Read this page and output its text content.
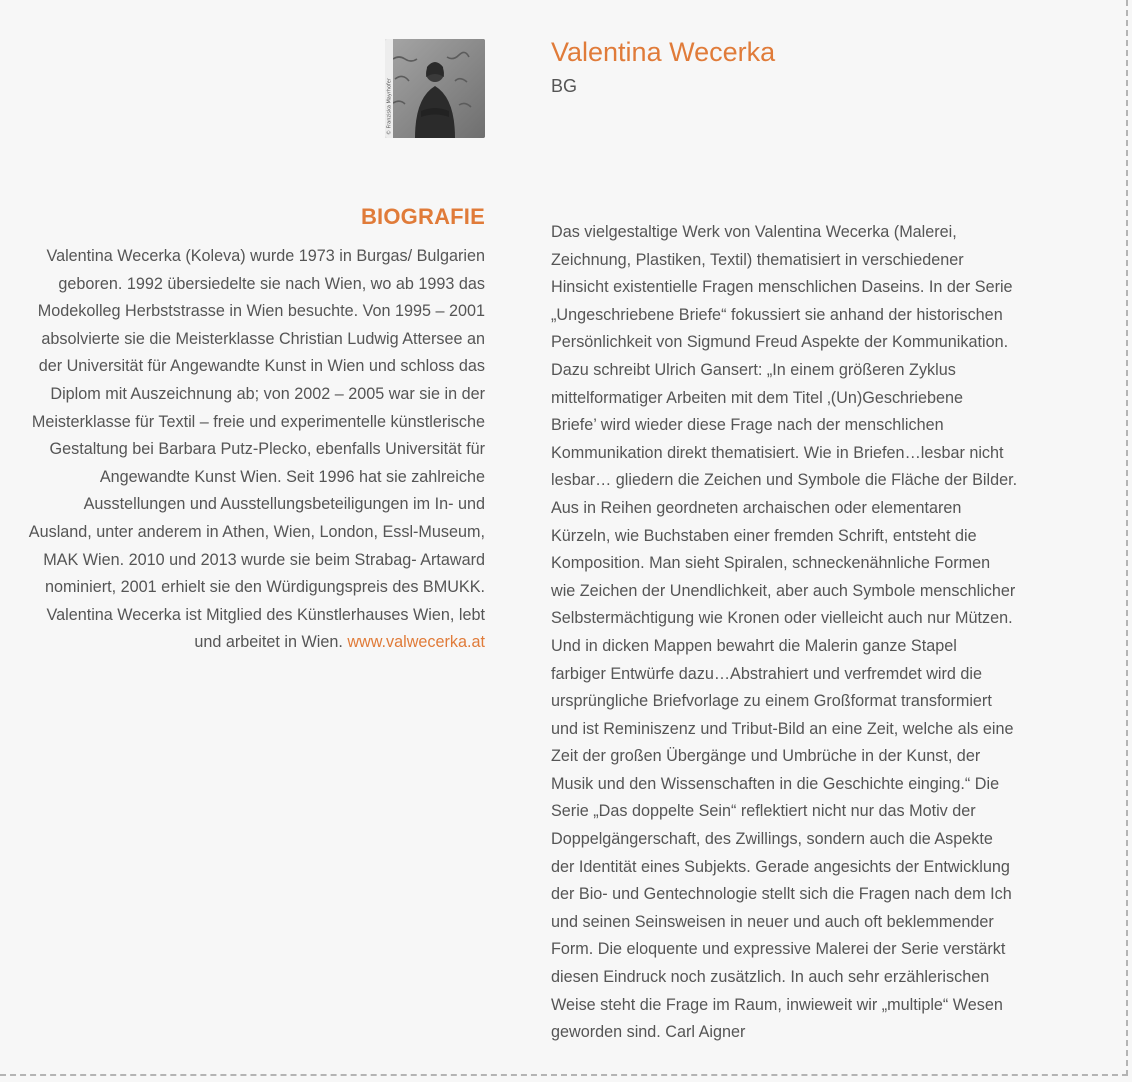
© Franziska Mayrhofer
Valentina Wecerka
BG
BIOGRAFIE
Valentina Wecerka (Koleva) wurde 1973 in Burgas/ Bulgarien
geboren. 1992 übersiedelte sie nach Wien, wo ab 1993 das
Modekolleg Herbststrasse in Wien besuchte. Von 1995 – 2001
absolvierte sie die Meisterklasse Christian Ludwig Attersee an
der Universität für Angewandte Kunst in Wien und schloss das
Diplom mit Auszeichnung ab; von 2002 – 2005 war sie in der
Meisterklasse für Textil – freie und experimentelle künstlerische
Gestaltung bei Barbara Putz-Plecko, ebenfalls Universität für
Angewandte Kunst Wien. Seit 1996 hat sie zahlreiche
Ausstellungen und Ausstellungsbeteiligungen im In- und
Ausland, unter anderem in Athen, Wien, London, Essl-Museum,
MAK Wien. 2010 und 2013 wurde sie beim Strabag- Artaward
nominiert, 2001 erhielt sie den Würdigungspreis des BMUKK.
Valentina Wecerka ist Mitglied des Künstlerhauses Wien, lebt
und arbeitet in Wien. www.valwecerka.at
Das vielgestaltige Werk von Valentina Wecerka (Malerei,
Zeichnung, Plastiken, Textil) thematisiert in verschiedener
Hinsicht existentielle Fragen menschlichen Daseins. In der Serie
„Ungeschriebene Briefe“ fokussiert sie anhand der historischen
Persönlichkeit von Sigmund Freud Aspekte der Kommunikation.
Dazu schreibt Ulrich Gansert: „In einem größeren Zyklus
mittelformatiger Arbeiten mit dem Titel ‚(Un)Geschriebene
Briefe’ wird wieder diese Frage nach der menschlichen
Kommunikation direkt thematisiert. Wie in Briefen…lesbar nicht
lesbar… gliedern die Zeichen und Symbole die Fläche der Bilder.
Aus in Reihen geordneten archaischen oder elementaren
Kürzeln, wie Buchstaben einer fremden Schrift, entsteht die
Komposition. Man sieht Spiralen, schneckenähnliche Formen
wie Zeichen der Unendlichkeit, aber auch Symbole menschlicher
Selbstermächtigung wie Kronen oder vielleicht auch nur Mützen.
Und in dicken Mappen bewahrt die Malerin ganze Stapel
farbiger Entwürfe dazu…Abstrahiert und verfremdet wird die
ursprüngliche Briefvorlage zu einem Großformat transformiert
und ist Reminiszenz und Tribut-Bild an eine Zeit, welche als eine
Zeit der großen Übergänge und Umbrüche in der Kunst, der
Musik und den Wissenschaften in die Geschichte einging.“ Die
Serie „Das doppelte Sein“ reflektiert nicht nur das Motiv der
Doppelgängerschaft, des Zwillings, sondern auch die Aspekte
der Identität eines Subjekts. Gerade angesichts der Entwicklung
der Bio- und Gentechnologie stellt sich die Fragen nach dem Ich
und seinen Seinsweisen in neuer und auch oft beklemmender
Form. Die eloquente und expressive Malerei der Serie verstärkt
diesen Eindruck noch zusätzlich. In auch sehr erzählerischen
Weise steht die Frage im Raum, inwieweit wir „multiple“ Wesen
geworden sind. Carl Aigner
